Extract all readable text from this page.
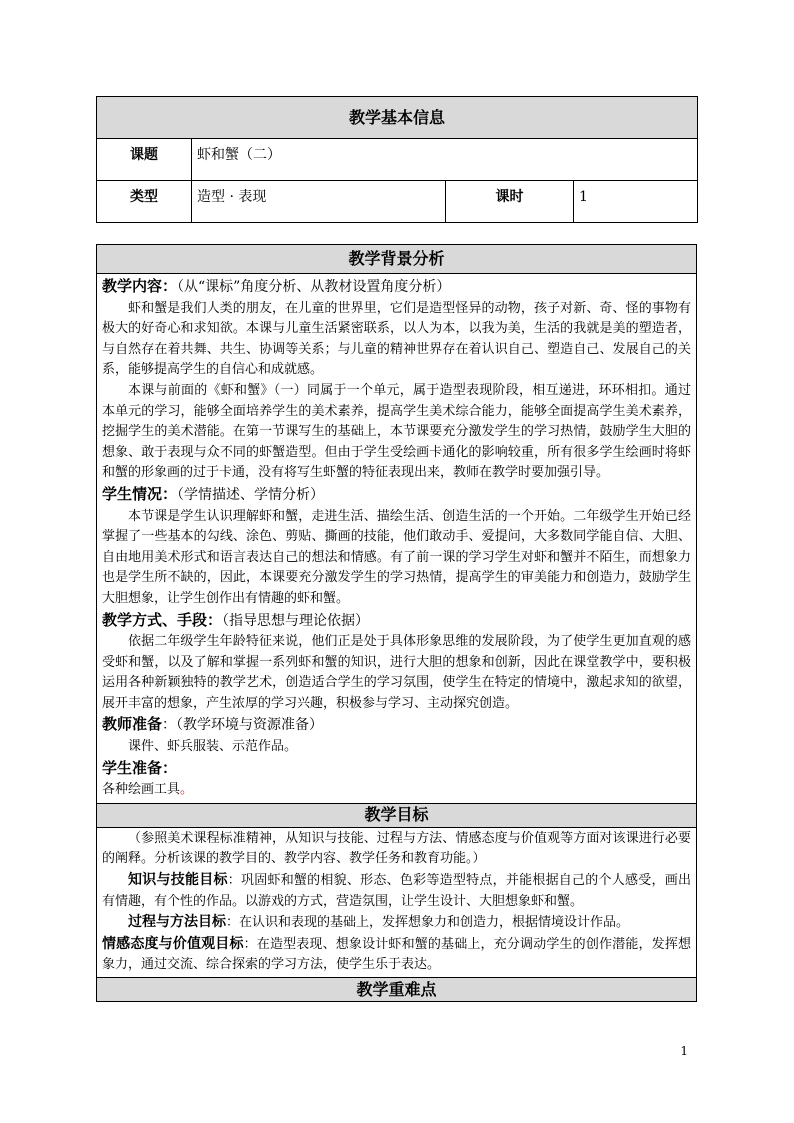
教学基本信息			
课题	虾和蟹（二）		
类型	造型 · 表现	课时	1
教学背景分析

教学内容：（从“课标”角度分析、从教材设置角度分析）

虾和蟹是我们人类的朋友，在儿童的世界里，它们是造型怪异的动物，孩子对新、奇、怪的事物有极大的好奇心和求知欲。本课与儿童生活紧密联系，以人为本，以我为美，生活的我就是美的塑造者，与自然存在着共舞、共生、协调等关系；与儿童的精神世界存在着认识自己、塑造自己、发展自己的关系，能够提高学生的自信心和成就感。

本课与前面的《虾和蟹》（一）同属于一个单元，属于造型表现阶段，相互递进，环环相扣。通过本单元的学习，能够全面培养学生的美术素养，提高学生美术综合能力，能够全面提高学生美术素养，挖掘学生的美术潜能。在第一节课写生的基础上，本节课要充分激发学生的学习热情，鼓励学生大胆的想象、敢于表现与众不同的虾蟹造型。但由于学生受绘画卡通化的影响较重，所有很多学生绘画时将虾和蟹的形象画的过于卡通，没有将写生虾蟹的特征表现出来，教师在教学时要加强引导。

学生情况：（学情描述、学情分析）

本节课是学生认识理解虾和蟹，走进生活、描绘生活、创造生活的一个开始。二年级学生开始已经掌握了一些基本的勾线、涂色、剪贴、撕画的技能，他们敢动手、爱提问，大多数同学能自信、大胆、自由地用美术形式和语言表达自己的想法和情感。有了前一课的学习学生对虾和蟹并不陌生，而想象力也是学生所不缺的，因此，本课要充分激发学生的学习热情，提高学生的审美能力和创造力，鼓励学生大胆想象，让学生创作出有情趣的虾和蟹。

教学方式、手段：（指导思想与理论依据）

依据二年级学生年龄特征来说，他们正是处于具体形象思维的发展阶段，为了使学生更加直观的感受虾和蟹，以及了解和掌握一系列虾和蟹的知识，进行大胆的想象和创新，因此在课堂教学中，要积极运用各种新颖独特的教学艺术，创造适合学生的学习氛围，使学生在特定的情境中，激起求知的欲望，展开丰富的想象，产生浓厚的学习兴趣，积极参与学习、主动探究创造。

教师准备：（教学环境与资源准备）

课件、虾兵服装、示范作品。

学生准备：

各种绘画工具。

教学目标

（参照美术课程标准精神，从知识与技能、过程与方法、情感态度与价值观等方面对该课进行必要的阐释。分析该课的教学目的、教学内容、教学任务和教育功能。）

知识与技能目标：巩固虾和蟹的相貌、形态、色彩等造型特点，并能根据自己的个人感受，画出有情趣，有个性的作品。以游戏的方式，营造氛围，让学生设计、大胆想象虾和蟹。

过程与方法目标：在认识和表现的基础上，发挥想象力和创造力，根据情境设计作品。

情感态度与价值观目标：在造型表现、想象设计虾和蟹的基础上，充分调动学生的创作潜能，发挥想象力，通过交流、综合探索的学习方法，使学生乐于表达。

教学重难点
1
